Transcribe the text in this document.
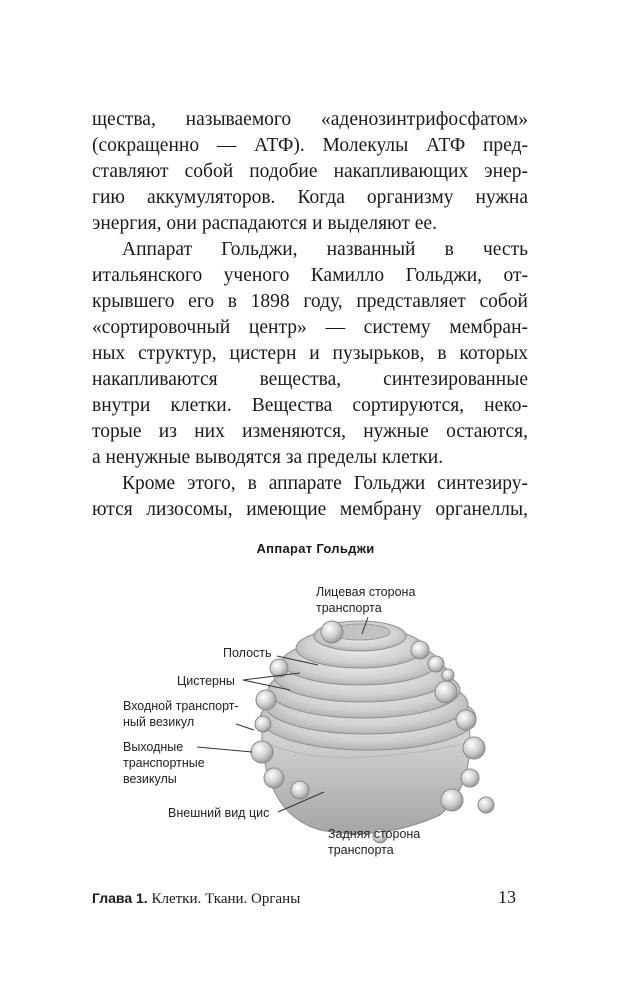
щества, называемого «аденозинтрифосфатом»
(сокращенно — АТФ). Молекулы АТФ пред-
ставляют собой подобие накапливающих энер-
гию аккумуляторов. Когда организму нужна
энергия, они распадаются и выделяют ее.
Аппарат Гольджи, названный в честь
итальянского ученого Камилло Гольджи, от-
крывшего его в 1898 году, представляет собой
«сортировочный центр» — систему мембран-
ных структур, цистерн и пузырьков, в которых
накапливаются вещества, синтезированные
внутри клетки. Вещества сортируются, неко-
торые из них изменяются, нужные остаются,
а ненужные выводятся за пределы клетки.
Кроме этого, в аппарате Гольджи синтезиру-
ются лизосомы, имеющие мембрану органеллы,
Аппарат Гольджи
Лицевая сторона
транспорта
Полость
Цистерны
Входной транспорт-
ный везикул
Выходные
транспортные
везикулы
Внешний вид цис
Задняя сторона
транспорта
Глава 1. Клетки. Ткани. Органы	13
